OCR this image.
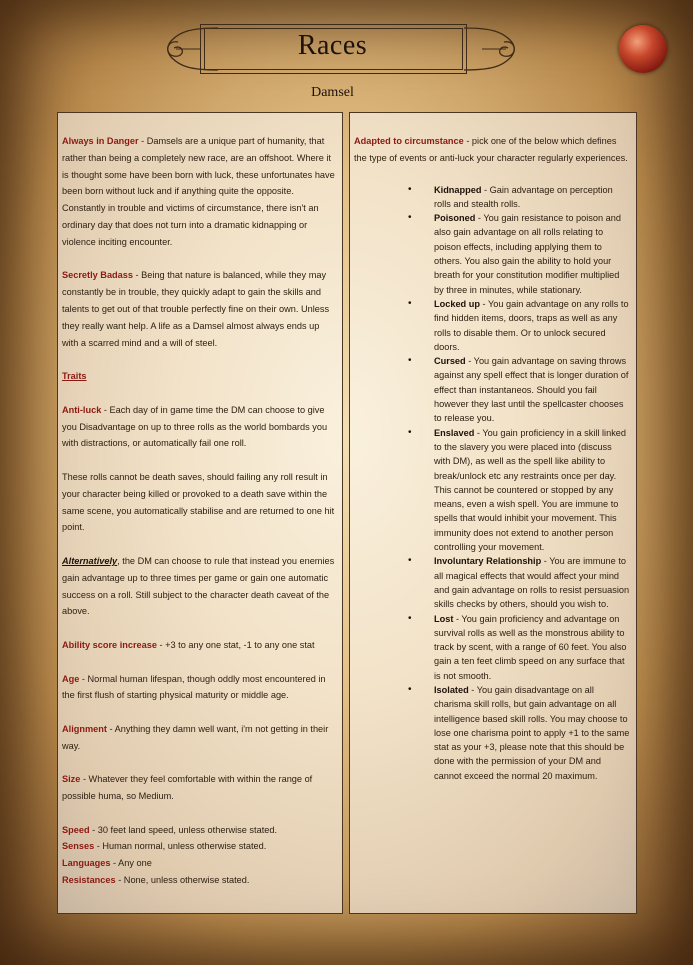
Races
Damsel

Always in Danger - Damsels are a unique part of humanity, that rather than being a completely new race, are an offshoot. Where it is thought some have been born with luck, these unfortunates have been born without luck and if anything quite the opposite. Constantly in trouble and victims of circumstance, there isn't an ordinary day that does not turn into a dramatic kidnapping or violence inciting encounter.

Secretly Badass - Being that nature is balanced, while they may constantly be in trouble, they quickly adapt to gain the skills and talents to get out of that trouble perfectly fine on their own. Unless they really want help. A life as a Damsel almost always ends up with a scarred mind and a will of steel.

Traits

Anti-luck - Each day of in game time the DM can choose to give you Disadvantage on up to three rolls as the world bombards you with distractions, or automatically fail one roll.

These rolls cannot be death saves, should failing any roll result in your character being killed or provoked to a death save within the same scene, you automatically stabilise and are returned to one hit point.

Alternatively, the DM can choose to rule that instead you enemies gain advantage up to three times per game or gain one automatic success on a roll. Still subject to the character death caveat of the above.

Ability score increase - +3 to any one stat, -1 to any one stat

Age - Normal human lifespan, though oddly most encountered in the first flush of starting physical maturity or middle age.

Alignment - Anything they damn well want, i'm not getting in their way.

Size - Whatever they feel comfortable with within the range of possible huma, so Medium.

Speed - 30 feet land speed, unless otherwise stated.

Senses - Human normal, unless otherwise stated.

Languages - Any one

Resistances - None, unless otherwise stated.

Adapted to circumstance - pick one of the below which defines the type of events or anti-luck your character regularly experiences.

• Kidnapped - Gain advantage on perception rolls and stealth rolls.
• Poisoned - You gain resistance to poison and also gain advantage on all rolls relating to poison effects, including applying them to others. You also gain the ability to hold your breath for your constitution modifier multiplied by three in minutes, while stationary.
• Locked up - You gain advantage on any rolls to find hidden items, doors, traps as well as any rolls to disable them. Or to unlock secured doors.
• Cursed - You gain advantage on saving throws against any spell effect that is longer duration of effect than instantaneos. Should you fail however they last until the spellcaster chooses to release you.
• Enslaved - You gain proficiency in a skill linked to the slavery you were placed into (discuss with DM), as well as the spell like ability to break/unlock etc any restraints once per day. This cannot be countered or stopped by any means, even a wish spell. You are immune to spells that would inhibit your movement. This immunity does not extend to another person controlling your movement.
• Involuntary Relationship - You are immune to all magical effects that would affect your mind and gain advantage on rolls to resist persuasion skills checks by others, should you wish to.
• Lost - You gain proficiency and advantage on survival rolls as well as the monstrous ability to track by scent, with a range of 60 feet. You also gain a ten feet climb speed on any surface that is not smooth.
• Isolated - You gain disadvantage on all charisma skill rolls, but gain advantage on all intelligence based skill rolls. You may choose to lose one charisma point to apply +1 to the same stat as your +3, please note that this should be done with the permission of your DM and cannot exceed the normal 20 maximum.
